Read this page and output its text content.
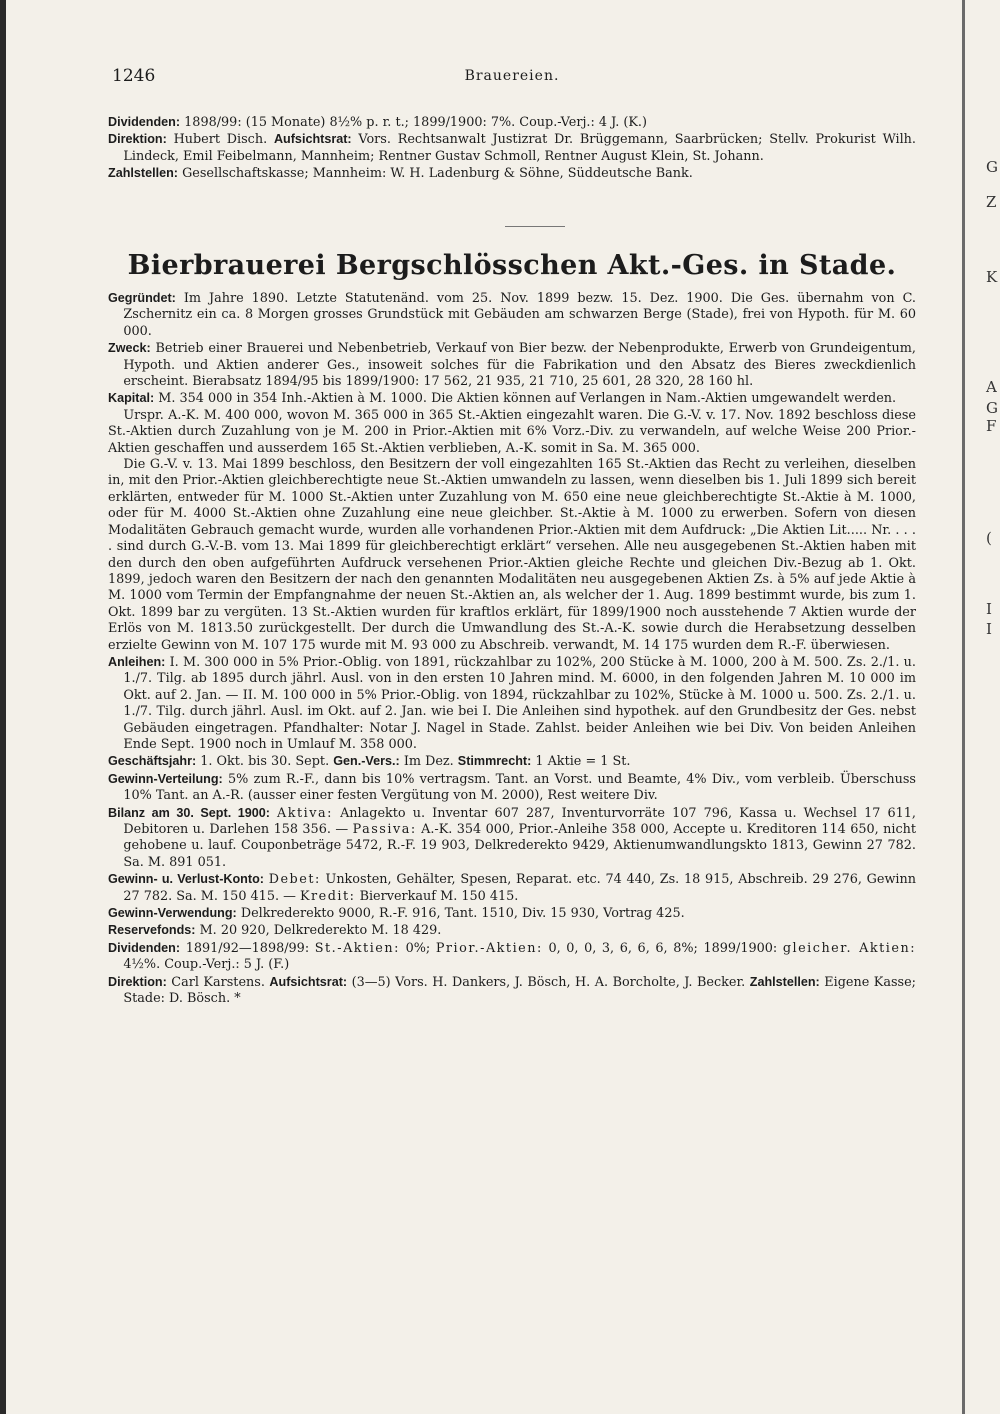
G
Z
K
A
G
F
(
I
I
1246	Brauereien.

Dividenden: 1898/99: (15 Monate) 8½% p. r. t.; 1899/1900: 7%. Coup.-Verj.: 4 J. (K.)

Direktion: Hubert Disch. Aufsichtsrat: Vors. Rechtsanwalt Justizrat Dr. Brüggemann, Saarbrücken; Stellv. Prokurist Wilh. Lindeck, Emil Feibelmann, Mannheim; Rentner Gustav Schmoll, Rentner August Klein, St. Johann.

Zahlstellen: Gesellschaftskasse; Mannheim: W. H. Ladenburg & Söhne, Süddeutsche Bank.

Bierbrauerei Bergschlösschen Akt.-Ges. in Stade.

Gegründet: Im Jahre 1890. Letzte Statutenänd. vom 25. Nov. 1899 bezw. 15. Dez. 1900. Die Ges. übernahm von C. Zschernitz ein ca. 8 Morgen grosses Grundstück mit Gebäuden am schwarzen Berge (Stade), frei von Hypoth. für M. 60 000.

Zweck: Betrieb einer Brauerei und Nebenbetrieb, Verkauf von Bier bezw. der Nebenprodukte, Erwerb von Grundeigentum, Hypoth. und Aktien anderer Ges., insoweit solches für die Fabrikation und den Absatz des Bieres zweckdienlich erscheint. Bierabsatz 1894/95 bis 1899/1900: 17 562, 21 935, 21 710, 25 601, 28 320, 28 160 hl.

Kapital: M. 354 000 in 354 Inh.-Aktien à M. 1000. Die Aktien können auf Verlangen in Nam.-Aktien umgewandelt werden.

Urspr. A.-K. M. 400 000, wovon M. 365 000 in 365 St.-Aktien eingezahlt waren. Die G.-V. v. 17. Nov. 1892 beschloss diese St.-Aktien durch Zuzahlung von je M. 200 in Prior.-Aktien mit 6% Vorz.-Div. zu verwandeln, auf welche Weise 200 Prior.-Aktien geschaffen und ausserdem 165 St.-Aktien verblieben, A.-K. somit in Sa. M. 365 000.

Die G.-V. v. 13. Mai 1899 beschloss, den Besitzern der voll eingezahlten 165 St.-Aktien das Recht zu verleihen, dieselben in, mit den Prior.-Aktien gleichberechtigte neue St.-Aktien umwandeln zu lassen, wenn dieselben bis 1. Juli 1899 sich bereit erklärten, entweder für M. 1000 St.-Aktien unter Zuzahlung von M. 650 eine neue gleichberechtigte St.-Aktie à M. 1000, oder für M. 4000 St.-Aktien ohne Zuzahlung eine neue gleichber. St.-Aktie à M. 1000 zu erwerben. Sofern von diesen Modalitäten Gebrauch gemacht wurde, wurden alle vorhandenen Prior.-Aktien mit dem Aufdruck: „Die Aktien Lit..... Nr. . . . . sind durch G.-V.-B. vom 13. Mai 1899 für gleichberechtigt erklärt“ versehen. Alle neu ausgegebenen St.-Aktien haben mit den durch den oben aufgeführten Aufdruck versehenen Prior.-Aktien gleiche Rechte und gleichen Div.-Bezug ab 1. Okt. 1899, jedoch waren den Besitzern der nach den genannten Modalitäten neu ausgegebenen Aktien Zs. à 5% auf jede Aktie à M. 1000 vom Termin der Empfangnahme der neuen St.-Aktien an, als welcher der 1. Aug. 1899 bestimmt wurde, bis zum 1. Okt. 1899 bar zu vergüten. 13 St.-Aktien wurden für kraftlos erklärt, für 1899/1900 noch ausstehende 7 Aktien wurde der Erlös von M. 1813.50 zurückgestellt. Der durch die Umwandlung des St.-A.-K. sowie durch die Herabsetzung desselben erzielte Gewinn von M. 107 175 wurde mit M. 93 000 zu Abschreib. verwandt, M. 14 175 wurden dem R.-F. überwiesen.

Anleihen: I. M. 300 000 in 5% Prior.-Oblig. von 1891, rückzahlbar zu 102%, 200 Stücke à M. 1000, 200 à M. 500. Zs. 2./1. u. 1./7. Tilg. ab 1895 durch jährl. Ausl. von in den ersten 10 Jahren mind. M. 6000, in den folgenden Jahren M. 10 000 im Okt. auf 2. Jan. — II. M. 100 000 in 5% Prior.-Oblig. von 1894, rückzahlbar zu 102%, Stücke à M. 1000 u. 500. Zs. 2./1. u. 1./7. Tilg. durch jährl. Ausl. im Okt. auf 2. Jan. wie bei I. Die Anleihen sind hypothek. auf den Grundbesitz der Ges. nebst Gebäuden eingetragen. Pfandhalter: Notar J. Nagel in Stade. Zahlst. beider Anleihen wie bei Div. Von beiden Anleihen Ende Sept. 1900 noch in Umlauf M. 358 000.

Geschäftsjahr: 1. Okt. bis 30. Sept. Gen.-Vers.: Im Dez. Stimmrecht: 1 Aktie = 1 St.

Gewinn-Verteilung: 5% zum R.-F., dann bis 10% vertragsm. Tant. an Vorst. und Beamte, 4% Div., vom verbleib. Überschuss 10% Tant. an A.-R. (ausser einer festen Vergütung von M. 2000), Rest weitere Div.

Bilanz am 30. Sept. 1900: Aktiva: Anlagekto u. Inventar 607 287, Inventurvorräte 107 796, Kassa u. Wechsel 17 611, Debitoren u. Darlehen 158 356. — Passiva: A.-K. 354 000, Prior.-Anleihe 358 000, Accepte u. Kreditoren 114 650, nicht gehobene u. lauf. Couponbeträge 5472, R.-F. 19 903, Delkrederekto 9429, Aktienumwandlungskto 1813, Gewinn 27 782. Sa. M. 891 051.

Gewinn- u. Verlust-Konto: Debet: Unkosten, Gehälter, Spesen, Reparat. etc. 74 440, Zs. 18 915, Abschreib. 29 276, Gewinn 27 782. Sa. M. 150 415. — Kredit: Bierverkauf M. 150 415.

Gewinn-Verwendung: Delkrederekto 9000, R.-F. 916, Tant. 1510, Div. 15 930, Vortrag 425.

Reservefonds: M. 20 920, Delkrederekto M. 18 429.

Dividenden: 1891/92—1898/99: St.-Aktien: 0%; Prior.-Aktien: 0, 0, 0, 3, 6, 6, 6, 8%; 1899/1900: gleicher. Aktien: 4½%. Coup.-Verj.: 5 J. (F.)

Direktion: Carl Karstens. Aufsichtsrat: (3—5) Vors. H. Dankers, J. Bösch, H. A. Borcholte, J. Becker. Zahlstellen: Eigene Kasse; Stade: D. Bösch. *
